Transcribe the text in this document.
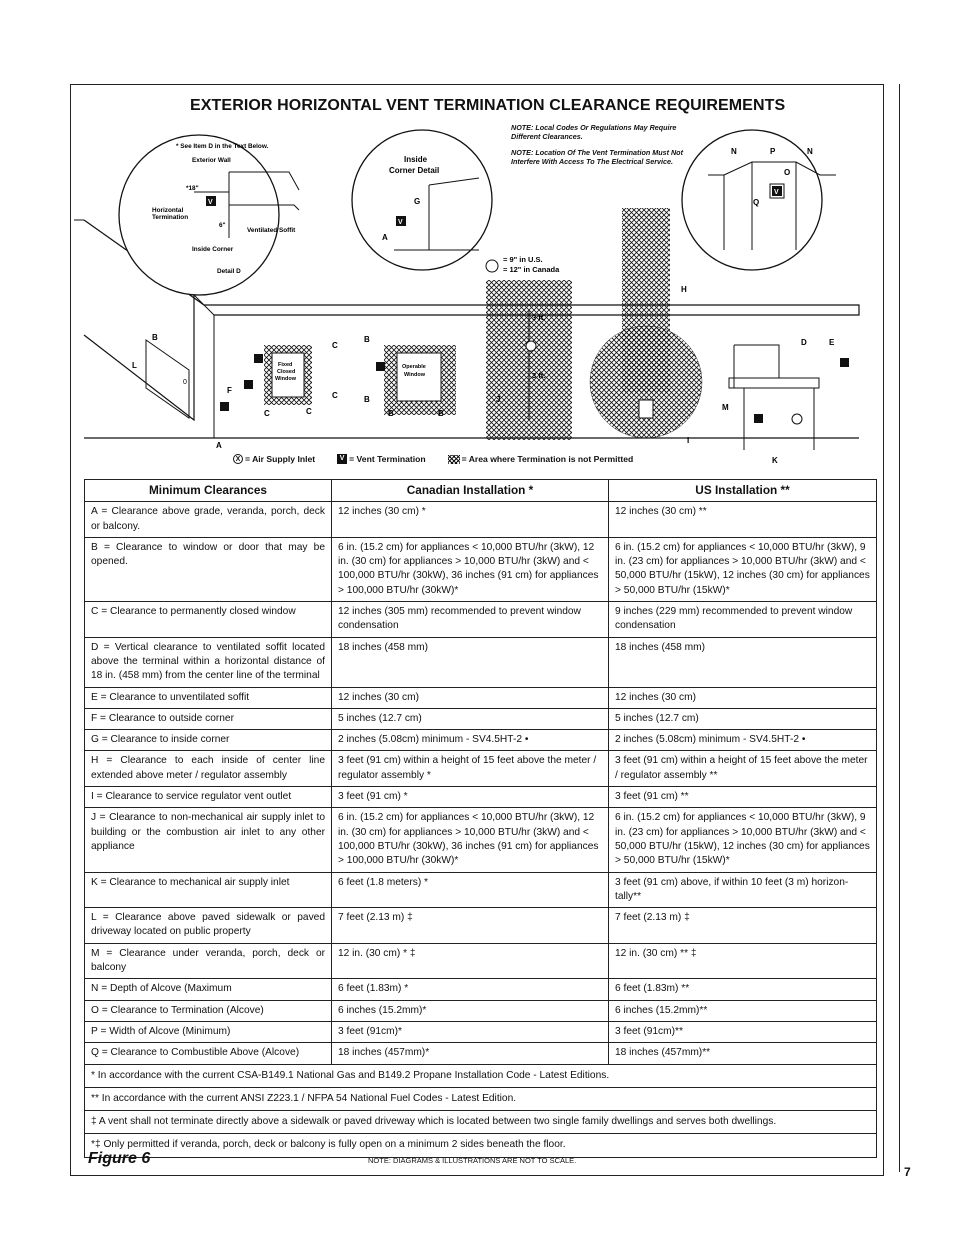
7
EXTERIOR HORIZONTAL VENT TERMINATION CLEARANCE REQUIREMENTS

NOTE: Local Codes Or Regulations May Require Different Clearances.

NOTE: Location Of The Vent Termination Must Not Interfere With Access To The Electrical Service.

0
* See Item D in the Text Below.
Exterior Wall
*18"
Horizontal
Termination
6"
Ventilated Soffit
Inside Corner
Detail D
V
Inside
Corner Detail
G
V
A
N	P	N
O
Q
V
H
I
3 ft.
3 ft.
J
= 9" in U.S.
= 12" in Canada
Fixed
Closed
Window
C
C
C	C
Operable
Window
B
B
B	B
B
L
F
A
M
K
D	E
X = Air Supply Inlet	V = Vent Termination	= Area where Termination is not Permitted
Minimum Clearances	Canadian Installation *	US Installation **
A = Clearance above grade, veranda, porch, deck or balcony.	12 inches (30 cm) *	12 inches (30 cm) **
B = Clearance to window or door that may be opened.	6 in. (15.2 cm) for appliances < 10,000 BTU/hr (3kW), 12 in. (30 cm) for appliances > 10,000 BTU/hr (3kW) and < 100,000 BTU/hr (30kW), 36 inches (91 cm) for appliances > 100,000 BTU/hr (30kW)*	6 in. (15.2 cm) for appliances < 10,000 BTU/hr (3kW), 9 in. (23 cm) for appliances > 10,000 BTU/hr (3kW) and < 50,000 BTU/hr (15kW), 12 inches (30 cm) for appliances > 50,000 BTU/hr (15kW)*
C = Clearance to permanently closed window	12 inches (305 mm) recommended to prevent window condensation	9 inches (229 mm) recommended to prevent window condensation
D = Vertical clearance to ventilated soffit located above the terminal within a horizontal distance of 18 in. (458 mm) from the center line of the terminal	18 inches (458 mm)	18 inches (458 mm)
E = Clearance to unventilated soffit	12 inches (30 cm)	12 inches (30 cm)
F = Clearance to outside corner	5 inches (12.7 cm)	5 inches (12.7 cm)
G = Clearance to inside corner	2 inches (5.08cm) minimum - SV4.5HT-2 •	2 inches (5.08cm) minimum - SV4.5HT-2 •
H = Clearance to each inside of center line extended above meter / regulator assembly	3 feet (91 cm) within a height of 15 feet above the meter / regulator assembly *	3 feet (91 cm) within a height of 15 feet above the meter / regulator assembly **
I = Clearance to service regulator vent outlet	3 feet (91 cm) *	3 feet (91 cm) **
J = Clearance to non-mechanical air supply inlet to building or the combustion air inlet to any other appliance	6 in. (15.2 cm) for appliances < 10,000 BTU/hr (3kW), 12 in. (30 cm) for appliances > 10,000 BTU/hr (3kW) and < 100,000 BTU/hr (30kW), 36 inches (91 cm) for appliances > 100,000 BTU/hr (30kW)*	6 in. (15.2 cm) for appliances < 10,000 BTU/hr (3kW), 9 in. (23 cm) for appliances > 10,000 BTU/hr (3kW) and < 50,000 BTU/hr (15kW), 12 inches (30 cm) for appliances > 50,000 BTU/hr (15kW)*
K = Clearance to mechanical air supply inlet	6 feet (1.8 meters) *	3 feet (91 cm) above, if within 10 feet (3 m) horizon-tally**
L = Clearance above paved sidewalk or paved driveway located on public property	7 feet (2.13 m) ‡	7 feet (2.13 m) ‡
M = Clearance under veranda, porch, deck or balcony	12 in. (30 cm) * ‡	12 in. (30 cm) ** ‡
N = Depth of Alcove (Maximum	6 feet (1.83m) *	6 feet (1.83m) **
O = Clearance to Termination (Alcove)	6 inches (15.2mm)*	6 inches (15.2mm)**
P = Width of Alcove (Minimum)	3 feet (91cm)*	3 feet (91cm)**
Q = Clearance to Combustible Above (Alcove)	18 inches (457mm)*	18 inches (457mm)**
* In accordance with the current CSA-B149.1 National Gas and B149.2 Propane Installation Code - Latest Editions.		
** In accordance with the current ANSI Z223.1 / NFPA 54 National Fuel Codes - Latest Edition.		
‡ A vent shall not terminate directly above a sidewalk or paved driveway which is located between two single family dwellings and serves both dwellings.		
*‡ Only permitted if veranda, porch, deck or balcony is fully open on a minimum 2 sides beneath the floor.		
Figure 6	NOTE: DIAGRAMS & ILLUSTRATIONS ARE NOT TO SCALE.
